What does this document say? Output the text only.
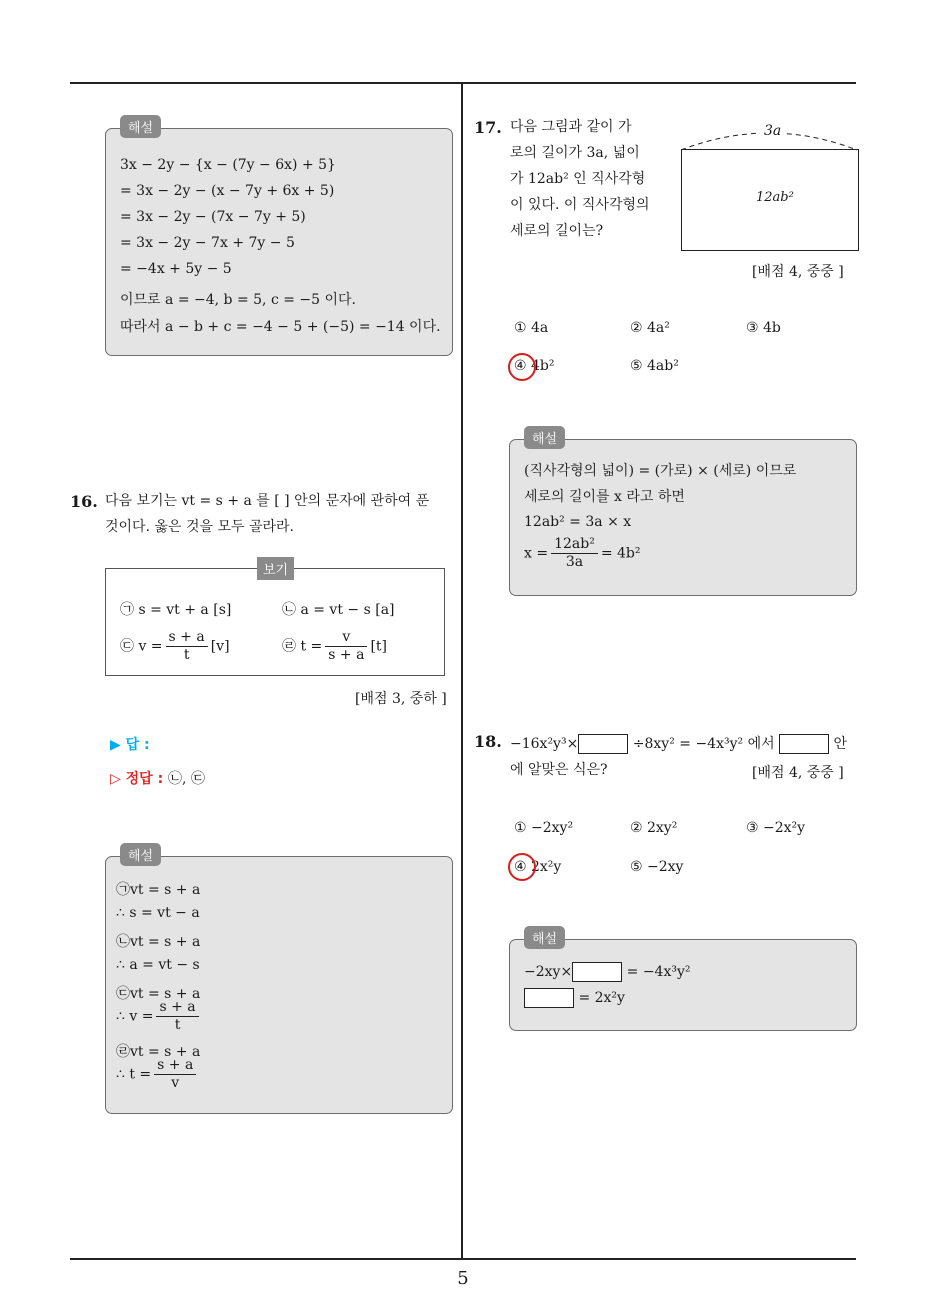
해설
3x − 2y − {x − (7y − 6x) + 5}
= 3x − 2y − (x − 7y + 6x + 5)
= 3x − 2y − (7x − 7y + 5)
= 3x − 2y − 7x + 7y − 5
= −4x + 5y − 5
이므로 a = −4, b = 5, c = −5 이다.
따라서 a − b + c = −4 − 5 + (−5) = −14 이다.
16. 다음 보기는 vt = s + a 를 [ ] 안의 문자에 관하여 푼
것이다. 옳은 것을 모두 골라라.
보기
㉠ s = vt + a [s]	㉡ a = vt − s [a]
㉢ $v = \frac{s + a}{t} [v]$	㉣ $t = \frac{v}{s + a} [t]$
[배점 3, 중하 ]
▶ 답 :
▷ 정답 : ㉡, ㉢
해설
㉠vt = s + a
∴ s = vt − a
㉡vt = s + a
∴ a = vt − s
㉢vt = s + a
∴ $v = \frac{s + a}{t}$
㉣vt = s + a
∴ $t = \frac{s + a}{v}$
17. 다음 그림과 같이 가
로의 길이가 3a, 넓이
가 12ab² 인 직사각형
이 있다. 이 직사각형의
세로의 길이는?
3a
12ab²
[배점 4, 중중 ]
① 4a	② 4a²	③ 4b
④ 4b²	⑤ 4ab²
해설
(직사각형의 넓이) = (가로) × (세로) 이므로
세로의 길이를 x 라고 하면
12ab² = 3a × x
$x = \frac{\text{12ab²}}{3a} = 4b^2$
18. −16x²y³×	÷8xy² = −4x³y² 에서	안
에 알맞은 식은?	[배점 4, 중중 ]
① −2xy²	② 2xy²	③ −2x²y
④ 2x²y	⑤ −2xy
해설
−2xy×	= −4x³y²
= 2x²y
5
